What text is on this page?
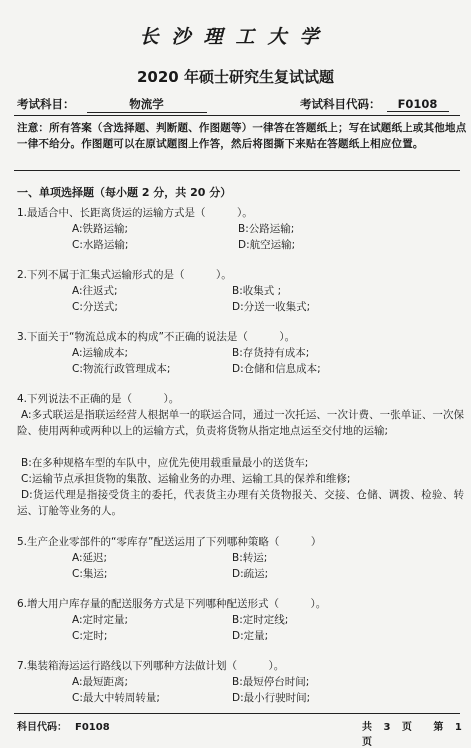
长沙理工大学
2020 年硕士研究生复试试题
考试科目：	物流学	考试科目代码： F0108
注意：所有答案（含选择题、判断题、作图题等）一律答在答题纸上；写在试题纸上或其他地点一律不给分。作图题可以在原试题图上作答，然后将图撕下来贴在答题纸上相应位置。
一、单项选择题（每小题 2 分，共 20 分）
1.最适合中、长距离货运的运输方式是（　　　）。
A:铁路运输;	B:公路运输;
C:水路运输;	D:航空运输;
2.下列不属于汇集式运输形式的是（　　　）。
A:往返式;	B:收集式 ;
C:分送式;	D:分送一收集式;
3.下面关于“物流总成本的构成”不正确的说法是（　　　）。
A:运输成本;	B:存货持有成本;
C:物流行政管理成本;	D:仓储和信息成本;
4.下列说法不正确的是（　　　）。
A:多式联运是指联运经营人根据单一的联运合同，通过一次托运、一次计费、一张单证、一次保险、使用两种或两种以上的运输方式，负责将货物从指定地点运至交付地的运输;
B:在多种规格车型的车队中，应优先使用载重量最小的送货车;
C:运输节点承担货物的集散、运输业务的办理、运输工具的保养和维修;
D:货运代理是指接受货主的委托，代表货主办理有关货物报关、交接、仓储、调拨、检验、转运、订舱等业务的人。
5.生产企业零部件的“零库存”配送运用了下列哪种策略（　　　）
A:延迟;	B:转运;
C:集运;	D:疏运;
6.增大用户库存量的配送服务方式是下列哪种配送形式（　　　）。
A:定时定量;	B:定时定线;
C:定时;	D:定量;
7.集装箱海运运行路线以下列哪种方法做计划（　　　）。
A:最短距离;	B:最短停台时间;
C:最大中转周转量;	D:最小行驶时间;
科目代码： F0108	共 3 页 第 1 页
